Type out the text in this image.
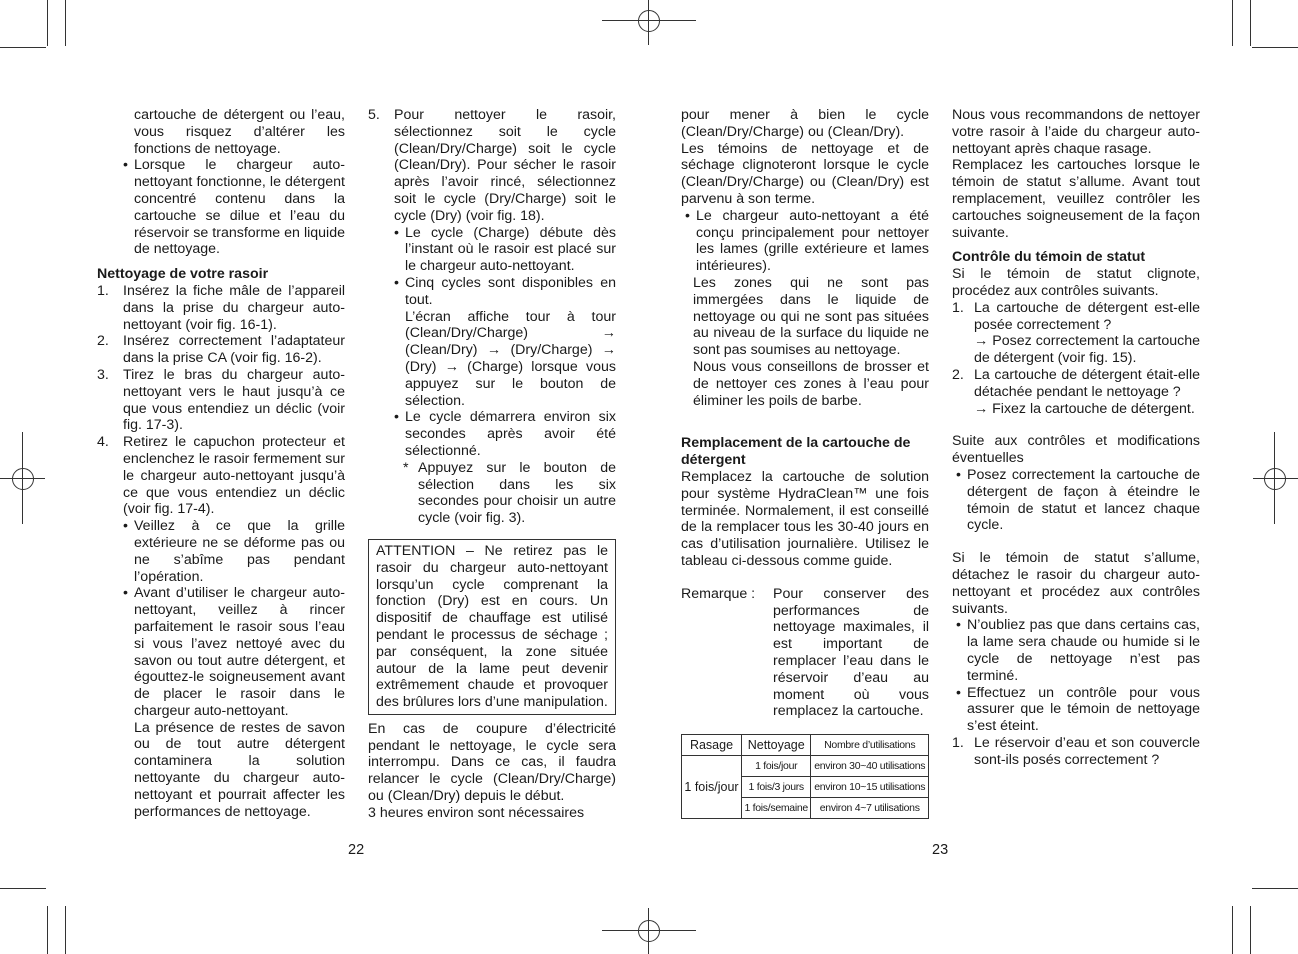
cartouche de détergent ou l’eau, vous risquez d’altérer les fonctions de nettoyage.

• Lorsque le chargeur auto-nettoyant fonctionne, le détergent concentré contenu dans la cartouche se dilue et l’eau du réservoir se transforme en liquide de nettoyage.

Nettoyage de votre rasoir

1. Insérez la fiche mâle de l’appareil dans la prise du chargeur auto-nettoyant (voir fig. 16-1).

2. Insérez correctement l’adaptateur dans la prise CA (voir fig. 16-2).

3. Tirez le bras du chargeur auto-nettoyant vers le haut jusqu’à ce que vous entendiez un déclic (voir fig. 17-3).

4. Retirez le capuchon protecteur et enclenchez le rasoir fermement sur le chargeur auto-nettoyant jusqu’à ce que vous entendiez un déclic (voir fig. 17-4).

• Veillez à ce que la grille extérieure ne se déforme pas ou ne s’abîme pas pendant l’opération.

• Avant d’utiliser le chargeur auto-nettoyant, veillez à rincer parfaitement le rasoir sous l’eau si vous l’avez nettoyé avec du savon ou tout autre détergent, et égouttez-le soigneusement avant de placer le rasoir dans le chargeur auto-nettoyant.

La présence de restes de savon ou de tout autre détergent contaminera la solution nettoyante du chargeur auto-nettoyant et pourrait affecter les performances de nettoyage.

5. Pour nettoyer le rasoir, sélectionnez soit le cycle (Clean/Dry/Charge) soit le cycle (Clean/Dry). Pour sécher le rasoir après l’avoir rincé, sélectionnez soit le cycle (Dry/Charge) soit le cycle (Dry) (voir fig. 18).

• Le cycle (Charge) débute dès l’instant où le rasoir est placé sur le chargeur auto-nettoyant.

• Cinq cycles sont disponibles en tout.

L’écran affiche tour à tour (Clean/Dry/Charge) → (Clean/Dry) → (Dry/Charge) → (Dry) → (Charge) lorsque vous appuyez sur le bouton de sélection.

• Le cycle démarrera environ six secondes après avoir été sélectionné.

* Appuyez sur le bouton de sélection dans les six secondes pour choisir un autre cycle (voir fig. 3).

ATTENTION – Ne retirez pas le rasoir du chargeur auto-nettoyant lorsqu’un cycle comprenant la fonction (Dry) est en cours. Un dispositif de chauffage est utilisé pendant le processus de séchage ; par conséquent, la zone située autour de la lame peut devenir extrêmement chaude et provoquer des brûlures lors d’une manipulation.

En cas de coupure d’électricité pendant le nettoyage, le cycle sera interrompu. Dans ce cas, il faudra relancer le cycle (Clean/Dry/Charge) ou (Clean/Dry) depuis le début.

3 heures environ sont nécessaires

pour mener à bien le cycle (Clean/Dry/Charge) ou (Clean/Dry).

Les témoins de nettoyage et de séchage clignoteront lorsque le cycle (Clean/Dry/Charge) ou (Clean/Dry) est parvenu à son terme.

• Le chargeur auto-nettoyant a été conçu principalement pour nettoyer les lames (grille extérieure et lames intérieures).

Les zones qui ne sont pas immergées dans le liquide de nettoyage ou qui ne sont pas situées au niveau de la surface du liquide ne sont pas soumises au nettoyage.

Nous vous conseillons de brosser et de nettoyer ces zones à l’eau pour éliminer les poils de barbe.

Remplacement de la cartouche de détergent

Remplacez la cartouche de solution pour système HydraClean™ une fois terminée. Normalement, il est conseillé de la remplacer tous les 30-40 jours en cas d’utilisation journalière. Utilisez le tableau ci-dessous comme guide.

Remarque :	Pour conserver des performances de nettoyage maximales, il est important de remplacer l’eau dans le réservoir d’eau au moment où vous remplacez la cartouche.
Rasage	Nettoyage	Nombre d’utilisations
1 fois/jour	1 fois/jour	environ 30~40 utilisations
	1 fois/3 jours	environ 10~15 utilisations
	1 fois/semaine	environ 4~7 utilisations

Nous vous recommandons de nettoyer votre rasoir à l’aide du chargeur auto-nettoyant après chaque rasage.

Remplacez les cartouches lorsque le témoin de statut s’allume. Avant tout remplacement, veuillez contrôler les cartouches soigneusement de la façon suivante.

Contrôle du témoin de statut

Si le témoin de statut clignote, procédez aux contrôles suivants.

1. La cartouche de détergent est-elle posée correctement ?

→ Posez correctement la cartouche de détergent (voir fig. 15).

2. La cartouche de détergent était-elle détachée pendant le nettoyage ?

→ Fixez la cartouche de détergent.

Suite aux contrôles et modifications éventuelles

• Posez correctement la cartouche de détergent de façon à éteindre le témoin de statut et lancez chaque cycle.

Si le témoin de statut s’allume, détachez le rasoir du chargeur auto-nettoyant et procédez aux contrôles suivants.

• N’oubliez pas que dans certains cas, la lame sera chaude ou humide si le cycle de nettoyage n’est pas terminé.

• Effectuez un contrôle pour vous assurer que le témoin de nettoyage s’est éteint.

1. Le réservoir d’eau et son couvercle sont-ils posés correctement ?

22	23
